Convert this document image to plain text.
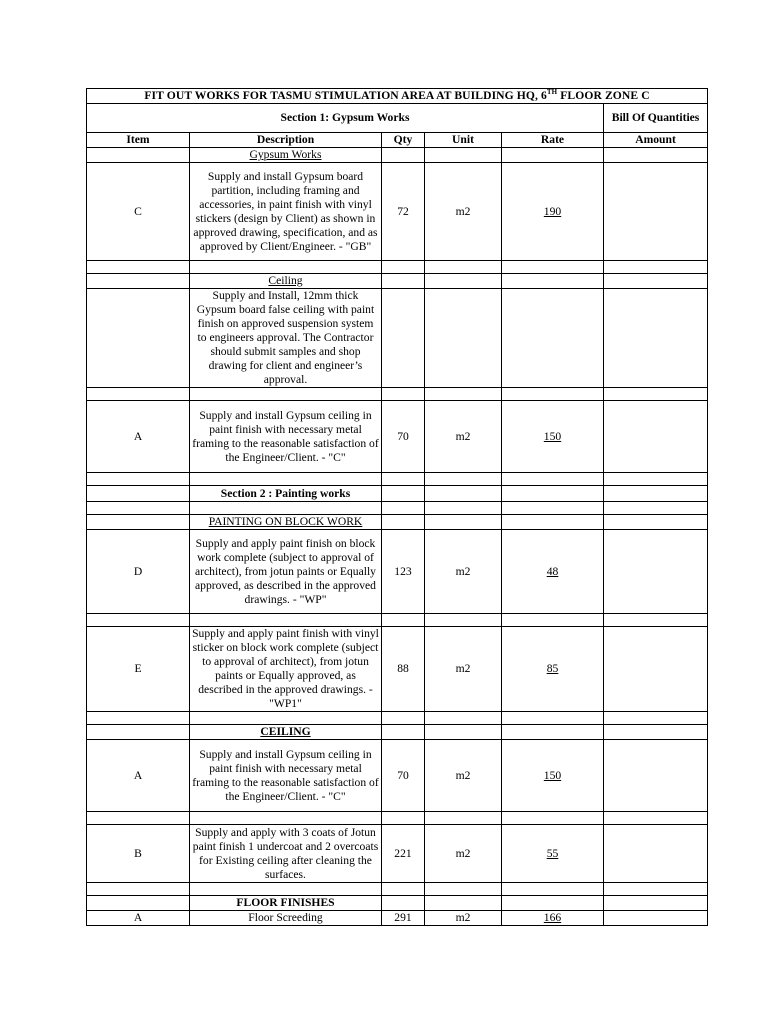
FIT OUT WORKS FOR TASMU STIMULATION AREA AT BUILDING HQ, 6TH FLOOR ZONE C					
Section 1: Gypsum Works					Bill Of Quantities
Item	Description	Qty	Unit	Rate	Amount
	Gypsum Works				
C	Supply and install Gypsum board partition, including framing and accessories, in paint finish with vinyl stickers (design by Client) as shown in approved drawing, specification, and as approved by Client/Engineer. - "GB"	72	m2	190	

	Ceiling				
	Supply and Install, 12mm thick Gypsum board false ceiling with paint finish on approved suspension system to engineers approval. The Contractor should submit samples and shop drawing for client and engineer’s approval.				

A	Supply and install Gypsum ceiling in paint finish with necessary metal framing to the reasonable satisfaction of the Engineer/Client. - "C"	70	m2	150	

	Section 2 : Painting works				

	PAINTING ON BLOCK WORK				
D	Supply and apply paint finish on block work complete (subject to approval of architect), from jotun paints or Equally approved, as described in the approved drawings. - "WP"	123	m2	48	

E	Supply and apply paint finish with vinyl sticker on block work complete (subject to approval of architect), from jotun paints or Equally approved, as described in the approved drawings. - "WP1"	88	m2	85	

	CEILING				
A	Supply and install Gypsum ceiling in paint finish with necessary metal framing to the reasonable satisfaction of the Engineer/Client. - "C"	70	m2	150	

B	Supply and apply with 3 coats of Jotun paint finish 1 undercoat and 2 overcoats for Existing ceiling after cleaning the surfaces.	221	m2	55	

	FLOOR FINISHES				
A	Floor Screeding	291	m2	166	
